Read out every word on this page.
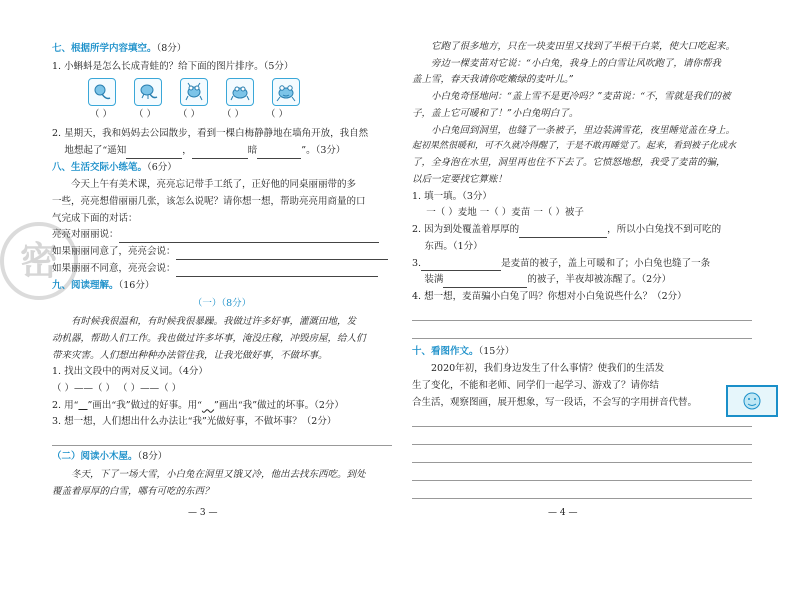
密
七、根据所学内容填空。（8分）
1. 小蝌蚪是怎么长成青蛙的？给下面的图片排序。（5分）
（ ） （ ） （ ） （ ） （ ）
2. 星期天，我和妈妈去公园散步，看到一棵白梅静静地在墙角开放，我自然
地想起了“遥知	，	暗	”。（3分）
八、生活交际小练笔。（6分）
今天上午有美术课，亮亮忘记带手工纸了，正好他的同桌丽丽带的多
一些，亮亮想借丽丽几张，该怎么说呢？请你想一想，帮助亮亮用商量的口
气完成下面的对话：
亮亮对丽丽说：
如果丽丽同意了，亮亮会说：
如果丽丽不同意，亮亮会说：
九、阅读理解。（16分）
（一）（8分）
有时候我很温和，有时候我很暴躁。我做过许多好事，灌溉田地，发
动机器，帮助人们工作。我也做过许多坏事，淹没庄稼，冲毁房屋，给人们
带来灾害。人们想出种种办法管住我，让我光做好事，不做坏事。
1. 找出文段中的两对反义词。（4分）
（ ）——（ ） （ ）——（ ）
2. 用“ ”画出“我”做过的好事。用“ ”画出“我”做过的坏事。（2分）
3. 想一想，人们想出什么办法让“我”光做好事，不做坏事？（2分）
（二）阅读小木屋。（8分）
冬天，下了一场大雪，小白兔在洞里又饿又冷，他出去找东西吃。到处
覆盖着厚厚的白雪，哪有可吃的东西？
— 3 —
它跑了很多地方，只在一块麦田里又找到了半根干白菜，使大口吃起来。
旁边一棵麦苗对它说：“小白兔，我身上的白雪让风吹跑了，请你帮我
盖上雪，春天我请你吃嫩绿的麦叶儿。”
小白兔奇怪地问：“盖上雪不是更冷吗？”麦苗说：“不，雪就是我们的被
子，盖上它可暖和了！”小白兔明白了。
小白兔回到洞里，也缝了一条被子，里边装满雪花，夜里睡觉盖在身上。
起初果然很暖和，可不久就冷得醒了，于是不敢再睡觉了。起来，看到被子化成水
了，全身泡在水里，洞里再也住不下去了。它愤怒地想，我受了麦苗的骗，
以后一定要找它算账！
1. 填一填。（3分）
一（ ）麦地 一（ ）麦苗 一（ ）被子
2. 因为到处覆盖着厚厚的	，所以小白兔找不到可吃的
东西。（1分）
3.	是麦苗的被子，盖上可暖和了；小白兔也缝了一条
装满	的被子，半夜却被冻醒了。（2分）
4. 想一想，麦苗骗小白兔了吗？你想对小白兔说些什么？（2分）
十、看图作文。（15分）
2020年初，我们身边发生了什么事情？使我们的生活发
生了变化，不能和老师、同学们一起学习、游戏了？请你结
合生活，观察图画，展开想象，写一段话，不会写的字用拼音代替。
— 4 —
